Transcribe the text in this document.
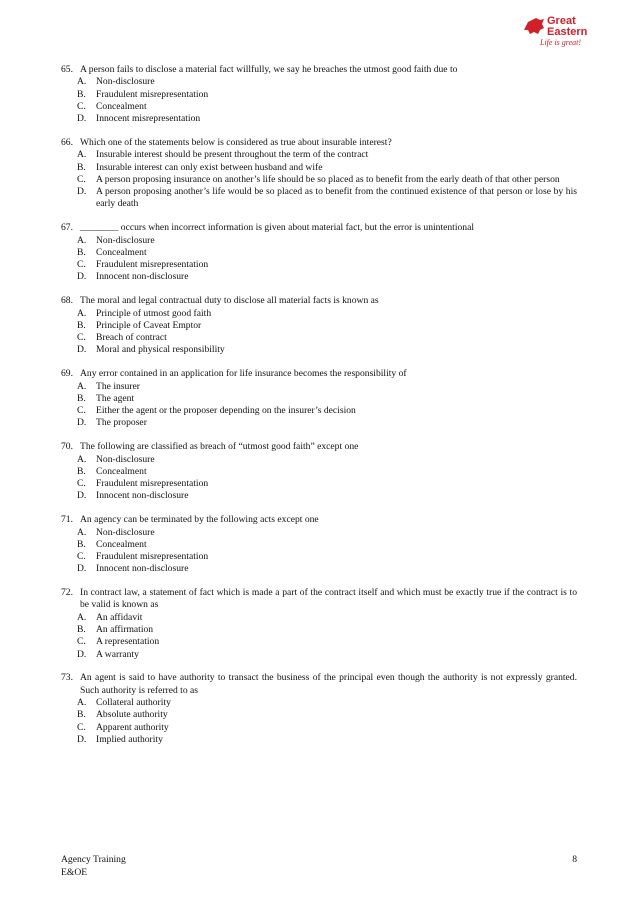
Great
Eastern
Life is great!
65. A person fails to disclose a material fact willfully, we say he breaches the utmost good faith due to
A.	Non-disclosure
B.	Fraudulent misrepresentation
C.	Concealment
D.	Innocent misrepresentation
66. Which one of the statements below is considered as true about insurable interest?
A.	Insurable interest should be present throughout the term of the contract
B.	Insurable interest can only exist between husband and wife
C.	A person proposing insurance on another’s life should be so placed as to benefit from the early death of that other person
D.	A person proposing another’s life would be so placed as to benefit from the continued existence of that person or lose by his early death
67. ________ occurs when incorrect information is given about material fact, but the error is unintentional
A.	Non-disclosure
B.	Concealment
C.	Fraudulent misrepresentation
D.	Innocent non-disclosure
68. The moral and legal contractual duty to disclose all material facts is known as
A.	Principle of utmost good faith
B.	Principle of Caveat Emptor
C.	Breach of contract
D.	Moral and physical responsibility
69. Any error contained in an application for life insurance becomes the responsibility of
A.	The insurer
B.	The agent
C.	Either the agent or the proposer depending on the insurer’s decision
D.	The proposer
70. The following are classified as breach of “utmost good faith” except one
A.	Non-disclosure
B.	Concealment
C.	Fraudulent misrepresentation
D.	Innocent non-disclosure
71. An agency can be terminated by the following acts except one
A.	Non-disclosure
B.	Concealment
C.	Fraudulent misrepresentation
D.	Innocent non-disclosure
72. In contract law, a statement of fact which is made a part of the contract itself and which must be exactly true if the contract is to be valid is known as
A.	An affidavit
B.	An affirmation
C.	A representation
D.	A warranty
73. An agent is said to have authority to transact the business of the principal even though the authority is not expressly granted. Such authority is referred to as
A.	Collateral authority
B.	Absolute authority
C.	Apparent authority
D.	Implied authority
Agency Training
E&OE
8
